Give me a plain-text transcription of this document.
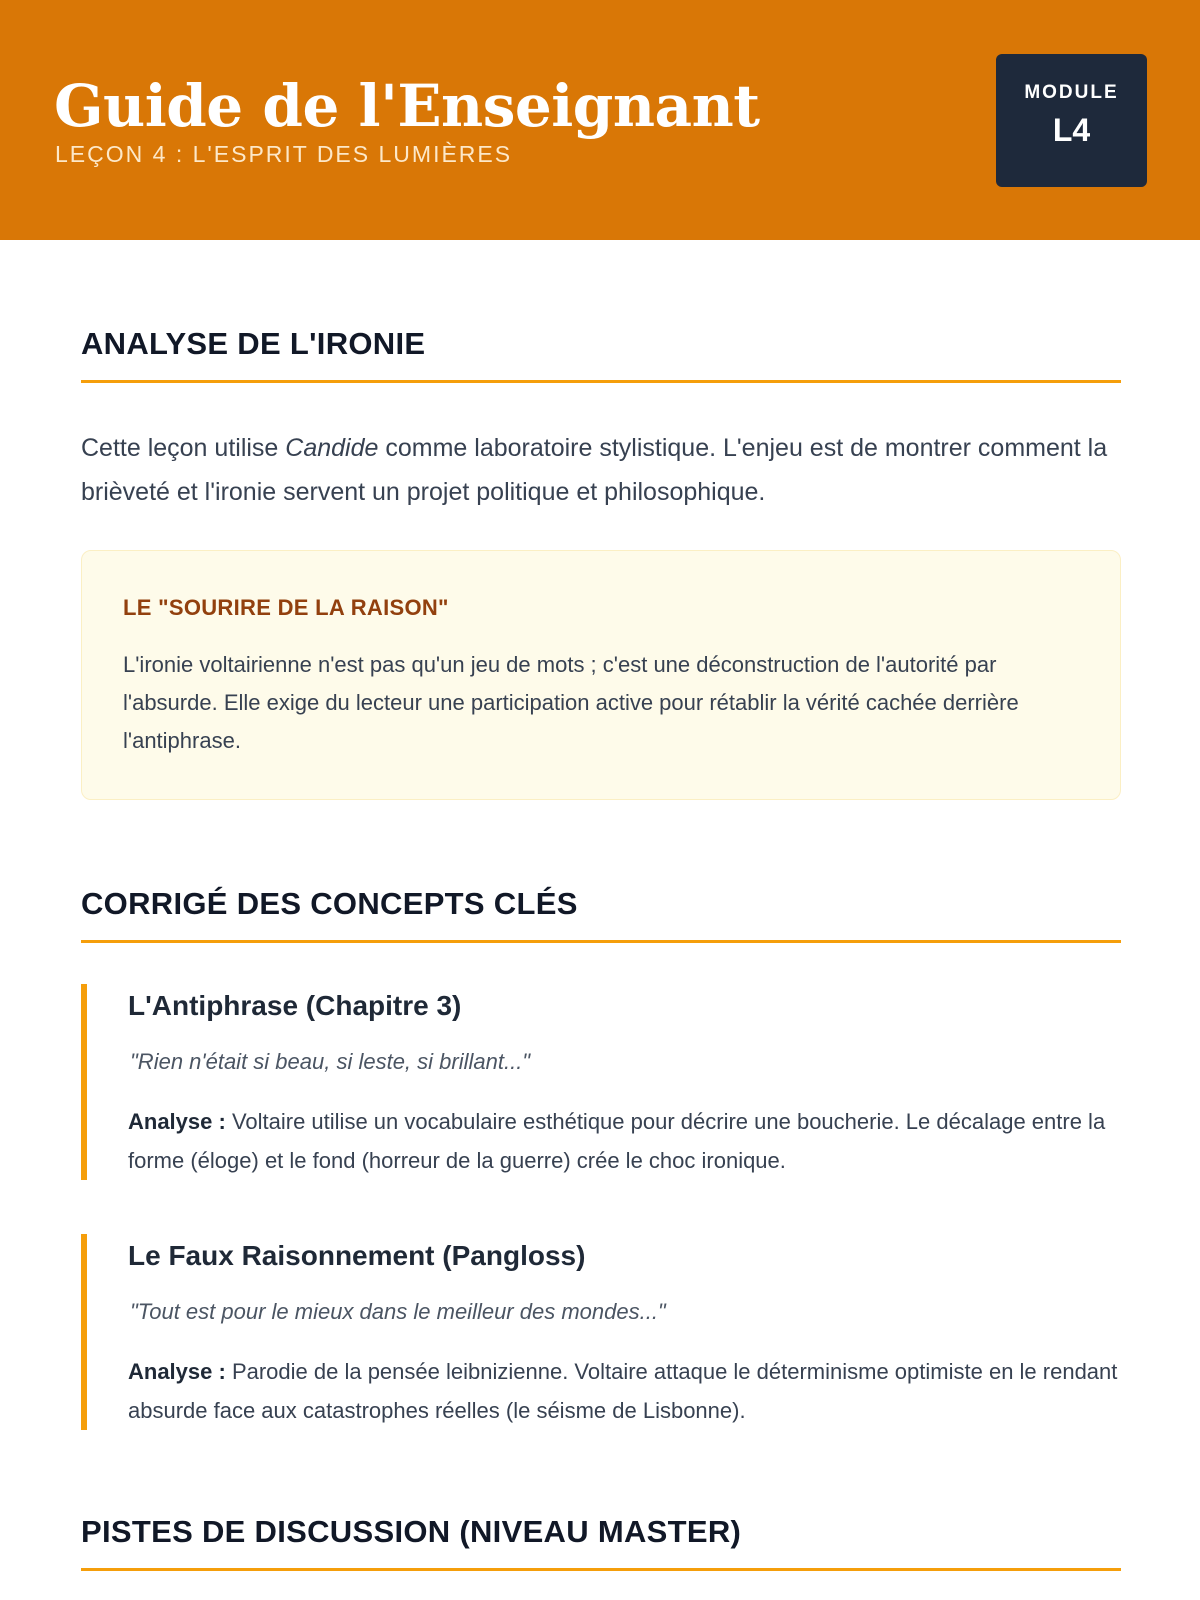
Guide de l'Enseignant
LEÇON 4 : L'ESPRIT DES LUMIÈRES
MODULE
L4
ANALYSE DE L'IRONIE

Cette leçon utilise Candide comme laboratoire stylistique. L'enjeu est de montrer comment la brièveté et l'ironie servent un projet politique et philosophique.

LE "SOURIRE DE LA RAISON"

L'ironie voltairienne n'est pas qu'un jeu de mots ; c'est une déconstruction de l'autorité par l'absurde. Elle exige du lecteur une participation active pour rétablir la vérité cachée derrière l'antiphrase.

CORRIGÉ DES CONCEPTS CLÉS
L'Antiphrase (Chapitre 3)

"Rien n'était si beau, si leste, si brillant..."

Analyse : Voltaire utilise un vocabulaire esthétique pour décrire une boucherie. Le décalage entre la forme (éloge) et le fond (horreur de la guerre) crée le choc ironique.

Le Faux Raisonnement (Pangloss)

"Tout est pour le mieux dans le meilleur des mondes..."

Analyse : Parodie de la pensée leibnizienne. Voltaire attaque le déterminisme optimiste en le rendant absurde face aux catastrophes réelles (le séisme de Lisbonne).

PISTES DE DISCUSSION (NIVEAU MASTER)
